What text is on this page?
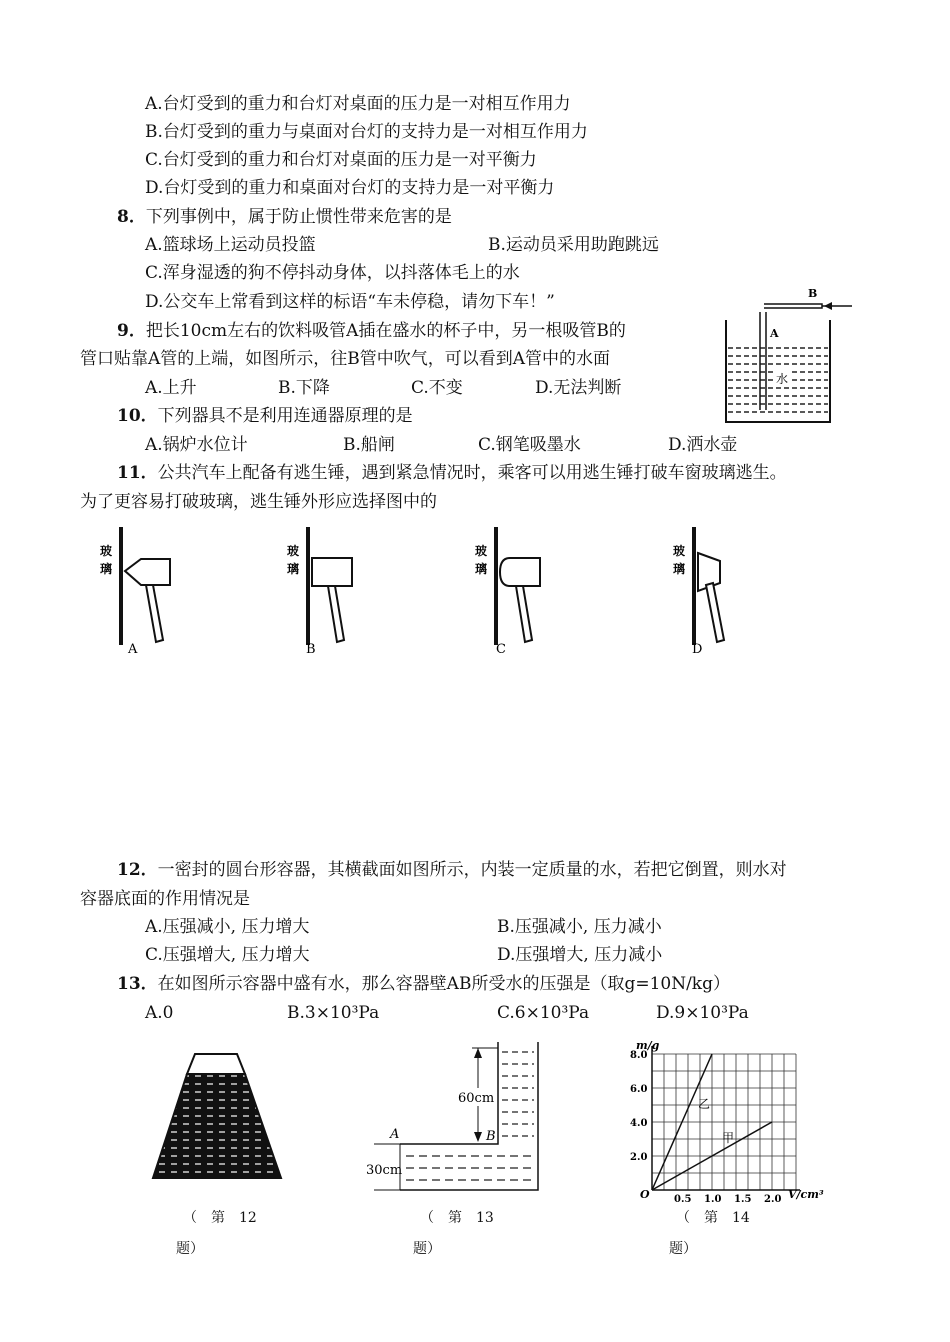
A.台灯受到的重力和台灯对桌面的压力是一对相互作用力
B.台灯受到的重力与桌面对台灯的支持力是一对相互作用力
C.台灯受到的重力和台灯对桌面的压力是一对平衡力
D.台灯受到的重力和桌面对台灯的支持力是一对平衡力
8．下列事例中，属于防止惯性带来危害的是
A.篮球场上运动员投篮	B.运动员采用助跑跳远
C.浑身湿透的狗不停抖动身体，以抖落体毛上的水
D.公交车上常看到这样的标语“车未停稳，请勿下车！”
9．把长10cm左右的饮料吸管A插在盛水的杯子中，另一根吸管B的
管口贴靠A管的上端，如图所示，往B管中吹气，可以看到A管中的水面
A.上升	B.下降	C.不变	D.无法判断
B
A
水
10．下列器具不是利用连通器原理的是
A.锅炉水位计	B.船闸	C.钢笔吸墨水	D.洒水壶
11．公共汽车上配备有逃生锤，遇到紧急情况时，乘客可以用逃生锤打破车窗玻璃逃生。
为了更容易打破玻璃，逃生锤外形应选择图中的
玻
璃
A
玻
璃
B
玻
璃
C
玻
璃
D
12．一密封的圆台形容器，其横截面如图所示，内装一定质量的水，若把它倒置，则水对
容器底面的作用情况是
A.压强减小, 压力增大	B.压强减小, 压力减小
C.压强增大, 压力增大	D.压强增大, 压力减小
13．在如图所示容器中盛有水，那么容器壁AB所受水的压强是（取g=10N/kg）
A.0	B.3×10³Pa	C.6×10³Pa	D.9×10³Pa
（　第　12
题）
60cm
30cm
A	B
（　第　13
题）
2.0
4.0
6.0
8.0
0.5 1.0 1.5 2.0
m/g
V/cm³
O
乙
甲
（　第　14
题）
